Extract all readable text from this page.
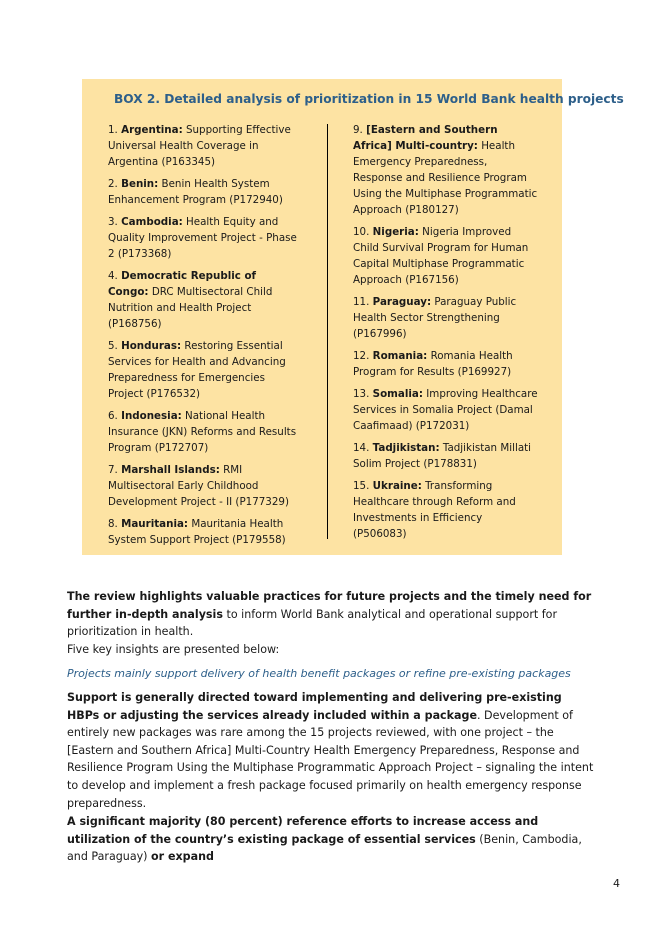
BOX 2. Detailed analysis of prioritization in 15 World Bank health projects
1. Argentina: Supporting Effective Universal Health Coverage in Argentina (P163345)
2. Benin: Benin Health System Enhancement Program (P172940)
3. Cambodia: Health Equity and Quality Improvement Project - Phase 2 (P173368)
4. Democratic Republic of Congo: DRC Multisectoral Child Nutrition and Health Project (P168756)
5. Honduras: Restoring Essential Services for Health and Advancing Preparedness for Emergencies Project (P176532)
6. Indonesia: National Health Insurance (JKN) Reforms and Results Program (P172707)
7. Marshall Islands: RMI Multisectoral Early Childhood Development Project - II (P177329)
8. Mauritania: Mauritania Health System Support Project (P179558)
9. [Eastern and Southern Africa] Multi-country: Health Emergency Preparedness, Response and Resilience Program Using the Multiphase Programmatic Approach (P180127)
10. Nigeria: Nigeria Improved Child Survival Program for Human Capital Multiphase Programmatic Approach (P167156)
11. Paraguay: Paraguay Public Health Sector Strengthening (P167996)
12. Romania: Romania Health Program for Results (P169927)
13. Somalia: Improving Healthcare Services in Somalia Project (Damal Caafimaad) (P172031)
14. Tadjikistan: Tadjikistan Millati Solim Project (P178831)
15. Ukraine: Transforming Healthcare through Reform and Investments in Efficiency (P506083)

The review highlights valuable practices for future projects and the timely need for further in-depth analysis to inform World Bank analytical and operational support for prioritization in health.

Five key insights are presented below:

Projects mainly support delivery of health benefit packages or refine pre-existing packages

Support is generally directed toward implementing and delivering pre-existing HBPs or adjusting the services already included within a package. Development of entirely new packages was rare among the 15 projects reviewed, with one project – the [Eastern and Southern Africa] Multi-Country Health Emergency Preparedness, Response and Resilience Program Using the Multiphase Programmatic Approach Project – signaling the intent to develop and implement a fresh package focused primarily on health emergency response preparedness.

A significant majority (80 percent) reference efforts to increase access and utilization of the country’s existing package of essential services (Benin, Cambodia, and Paraguay) or expand

4
